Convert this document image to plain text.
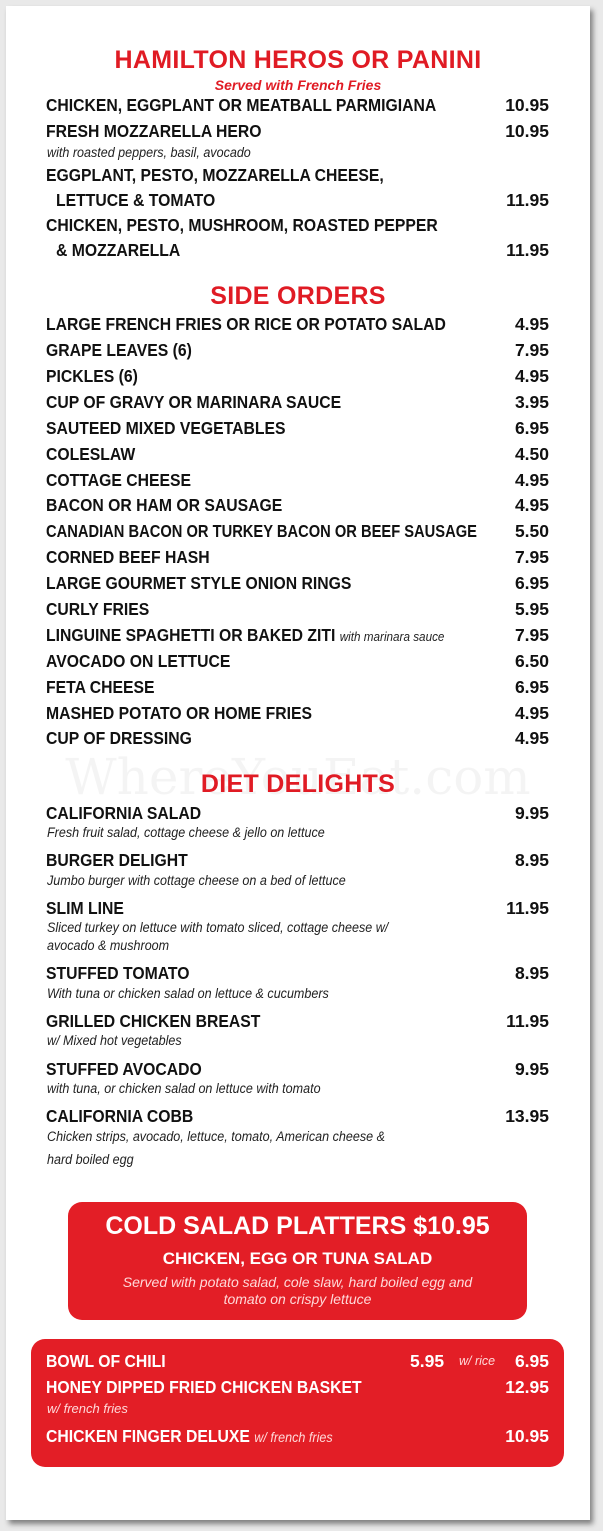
HAMILTON HEROS OR PANINI
Served with French Fries
CHICKEN, EGGPLANT OR MEATBALL PARMIGIANA	10.95
FRESH MOZZARELLA HERO	10.95
with roasted peppers, basil, avocado
EGGPLANT, PESTO, MOZZARELLA CHEESE,
LETTUCE & TOMATO	11.95
CHICKEN, PESTO, MUSHROOM, ROASTED PEPPER
& MOZZARELLA	11.95
SIDE ORDERS
LARGE FRENCH FRIES OR RICE OR POTATO SALAD	4.95
GRAPE LEAVES (6)	7.95
PICKLES (6)	4.95
CUP OF GRAVY OR MARINARA SAUCE	3.95
SAUTEED MIXED VEGETABLES	6.95
COLESLAW	4.50
COTTAGE CHEESE	4.95
BACON OR HAM OR SAUSAGE	4.95
CANADIAN BACON OR TURKEY BACON OR BEEF SAUSAGE 5.50
CORNED BEEF HASH	7.95
LARGE GOURMET STYLE ONION RINGS	6.95
CURLY FRIES	5.95
LINGUINE SPAGHETTI OR BAKED ZITI with marinara sauce	7.95
AVOCADO ON LETTUCE	6.50
FETA CHEESE	6.95
MASHED POTATO OR HOME FRIES	4.95
CUP OF DRESSING	4.95
DIET DELIGHTS
CALIFORNIA SALAD	9.95
Fresh fruit salad, cottage cheese & jello on lettuce
BURGER DELIGHT	8.95
Jumbo burger with cottage cheese on a bed of lettuce
SLIM LINE	11.95
Sliced turkey on lettuce with tomato sliced, cottage cheese w/
avocado & mushroom
STUFFED TOMATO	8.95
With tuna or chicken salad on lettuce & cucumbers
GRILLED CHICKEN BREAST	11.95
w/ Mixed hot vegetables
STUFFED AVOCADO	9.95
with tuna, or chicken salad on lettuce with tomato
CALIFORNIA COBB	13.95
Chicken strips, avocado, lettuce, tomato, American cheese &
hard boiled egg
COLD SALAD PLATTERS $10.95
CHICKEN, EGG OR TUNA SALAD
Served with potato salad, cole slaw, hard boiled egg and
tomato on crispy lettuce
BOWL OF CHILI	5.95 w/ rice 6.95
HONEY DIPPED FRIED CHICKEN BASKET	12.95
w/ french fries
CHICKEN FINGER DELUXE w/ french fries	10.95
